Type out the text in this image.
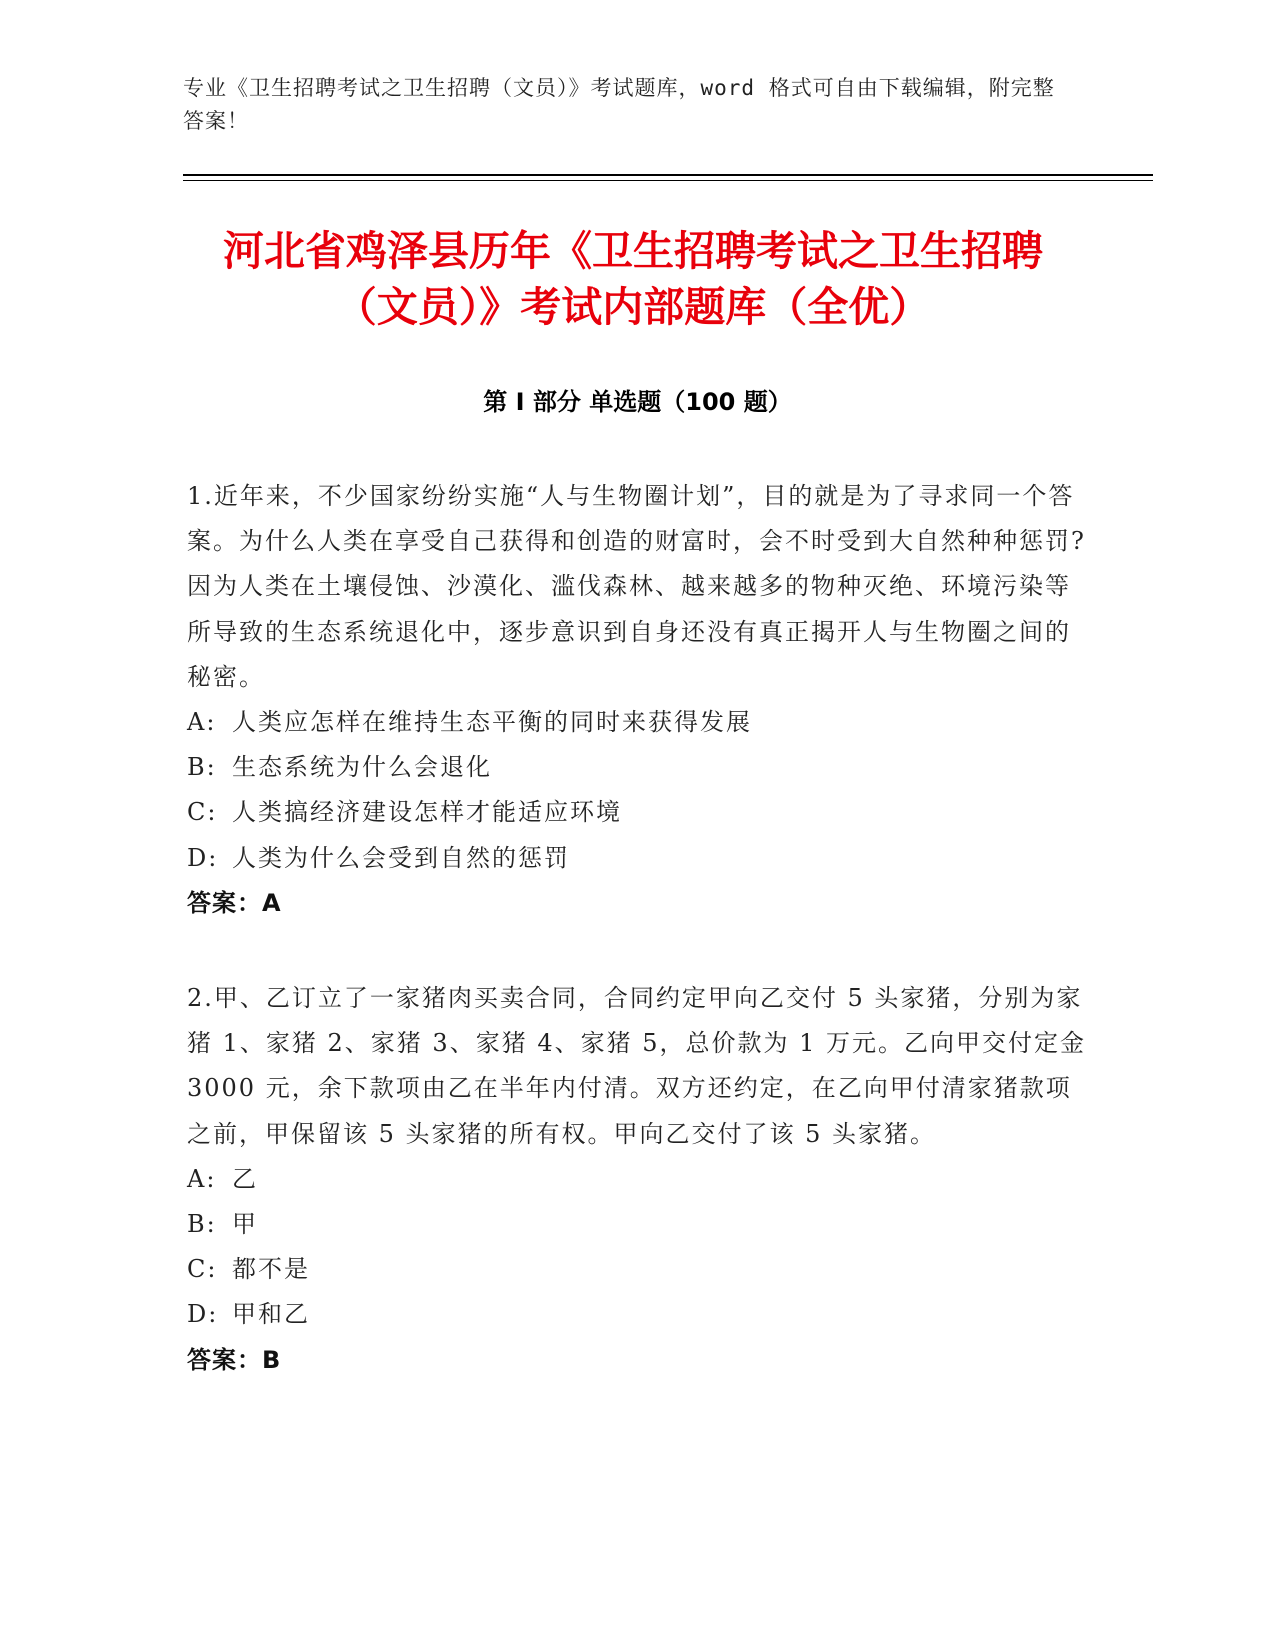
专业《卫生招聘考试之卫生招聘（文员）》考试题库，word 格式可自由下载编辑，附完整答案！
河北省鸡泽县历年《卫生招聘考试之卫生招聘（文员）》考试内部题库（全优）
第 I 部分 单选题（100 题）

1.近年来，不少国家纷纷实施“人与生物圈计划”，目的就是为了寻求同一个答案。为什么人类在享受自己获得和创造的财富时，会不时受到大自然种种惩罚?因为人类在土壤侵蚀、沙漠化、滥伐森林、越来越多的物种灭绝、环境污染等所导致的生态系统退化中，逐步意识到自身还没有真正揭开人与生物圈之间的秘密。

A: 人类应怎样在维持生态平衡的同时来获得发展

B: 生态系统为什么会退化

C: 人类搞经济建设怎样才能适应环境

D: 人类为什么会受到自然的惩罚

答案：A

2.甲、乙订立了一家猪肉买卖合同，合同约定甲向乙交付 5 头家猪，分别为家猪 1、家猪 2、家猪 3、家猪 4、家猪 5，总价款为 1 万元。乙向甲交付定金 3000 元，余下款项由乙在半年内付清。双方还约定，在乙向甲付清家猪款项之前，甲保留该 5 头家猪的所有权。甲向乙交付了该 5 头家猪。

A: 乙

B: 甲

C: 都不是

D: 甲和乙

答案：B
